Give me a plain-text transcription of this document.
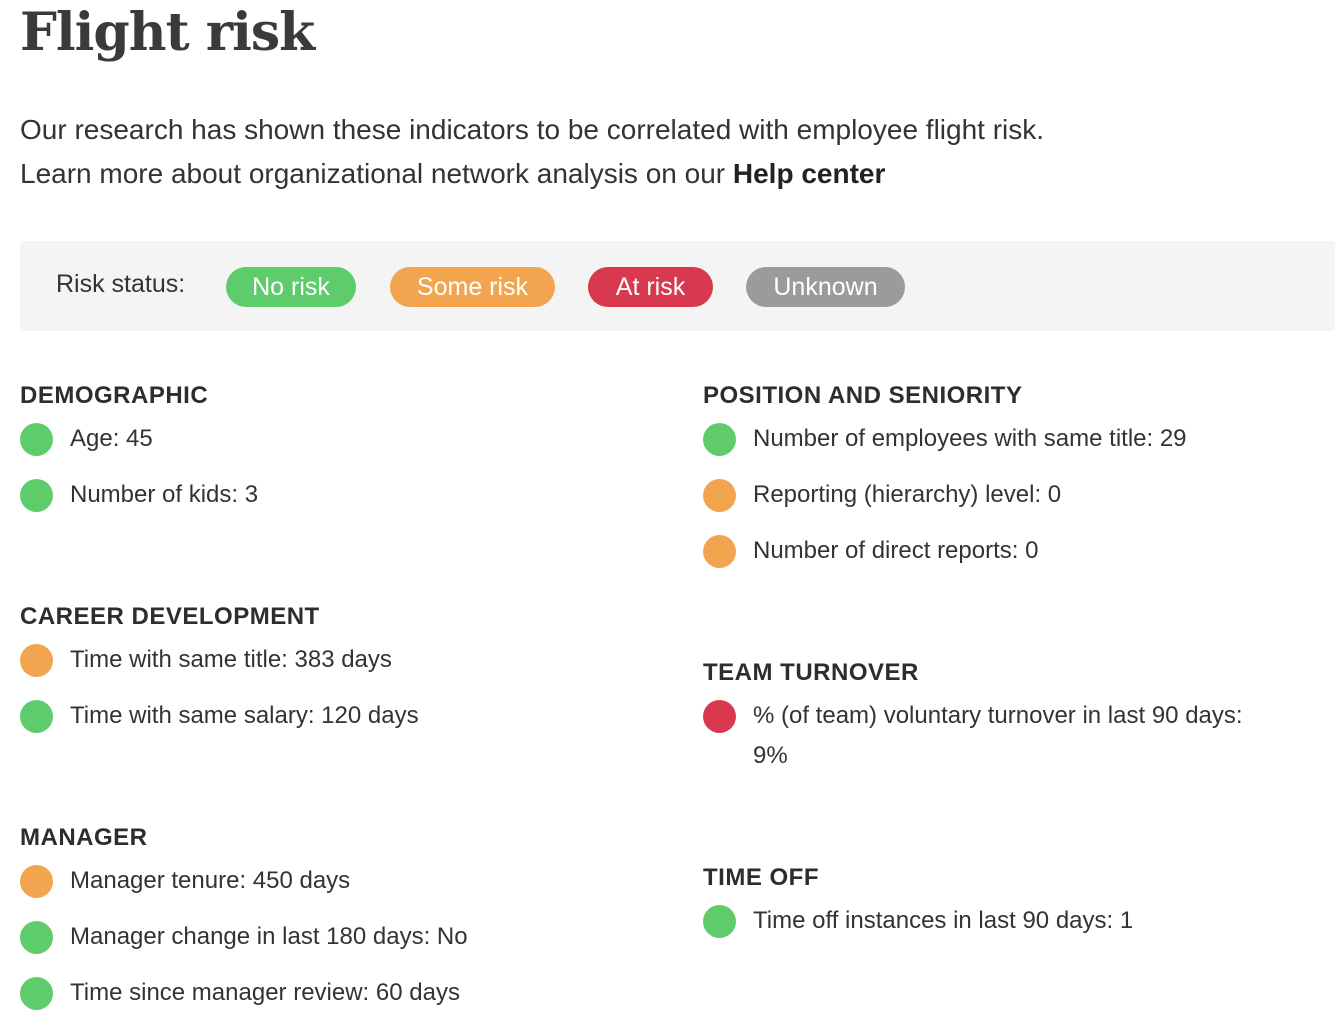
Flight risk
Our research has shown these indicators to be correlated with employee flight risk.
Learn more about organizational network analysis on our Help center
Risk status:	No risk	Some risk	At risk	Unknown
DEMOGRAPHIC
Age: 45
Number of kids: 3
CAREER DEVELOPMENT
Time with same title: 383 days
Time with same salary: 120 days
MANAGER
Manager tenure: 450 days
Manager change in last 180 days: No
Time since manager review: 60 days
POSITION AND SENIORITY
Number of employees with same title: 29
Reporting (hierarchy) level: 0
Number of direct reports: 0
TEAM TURNOVER
% (of team) voluntary turnover in last 90 days: 9%
TIME OFF
Time off instances in last 90 days: 1
